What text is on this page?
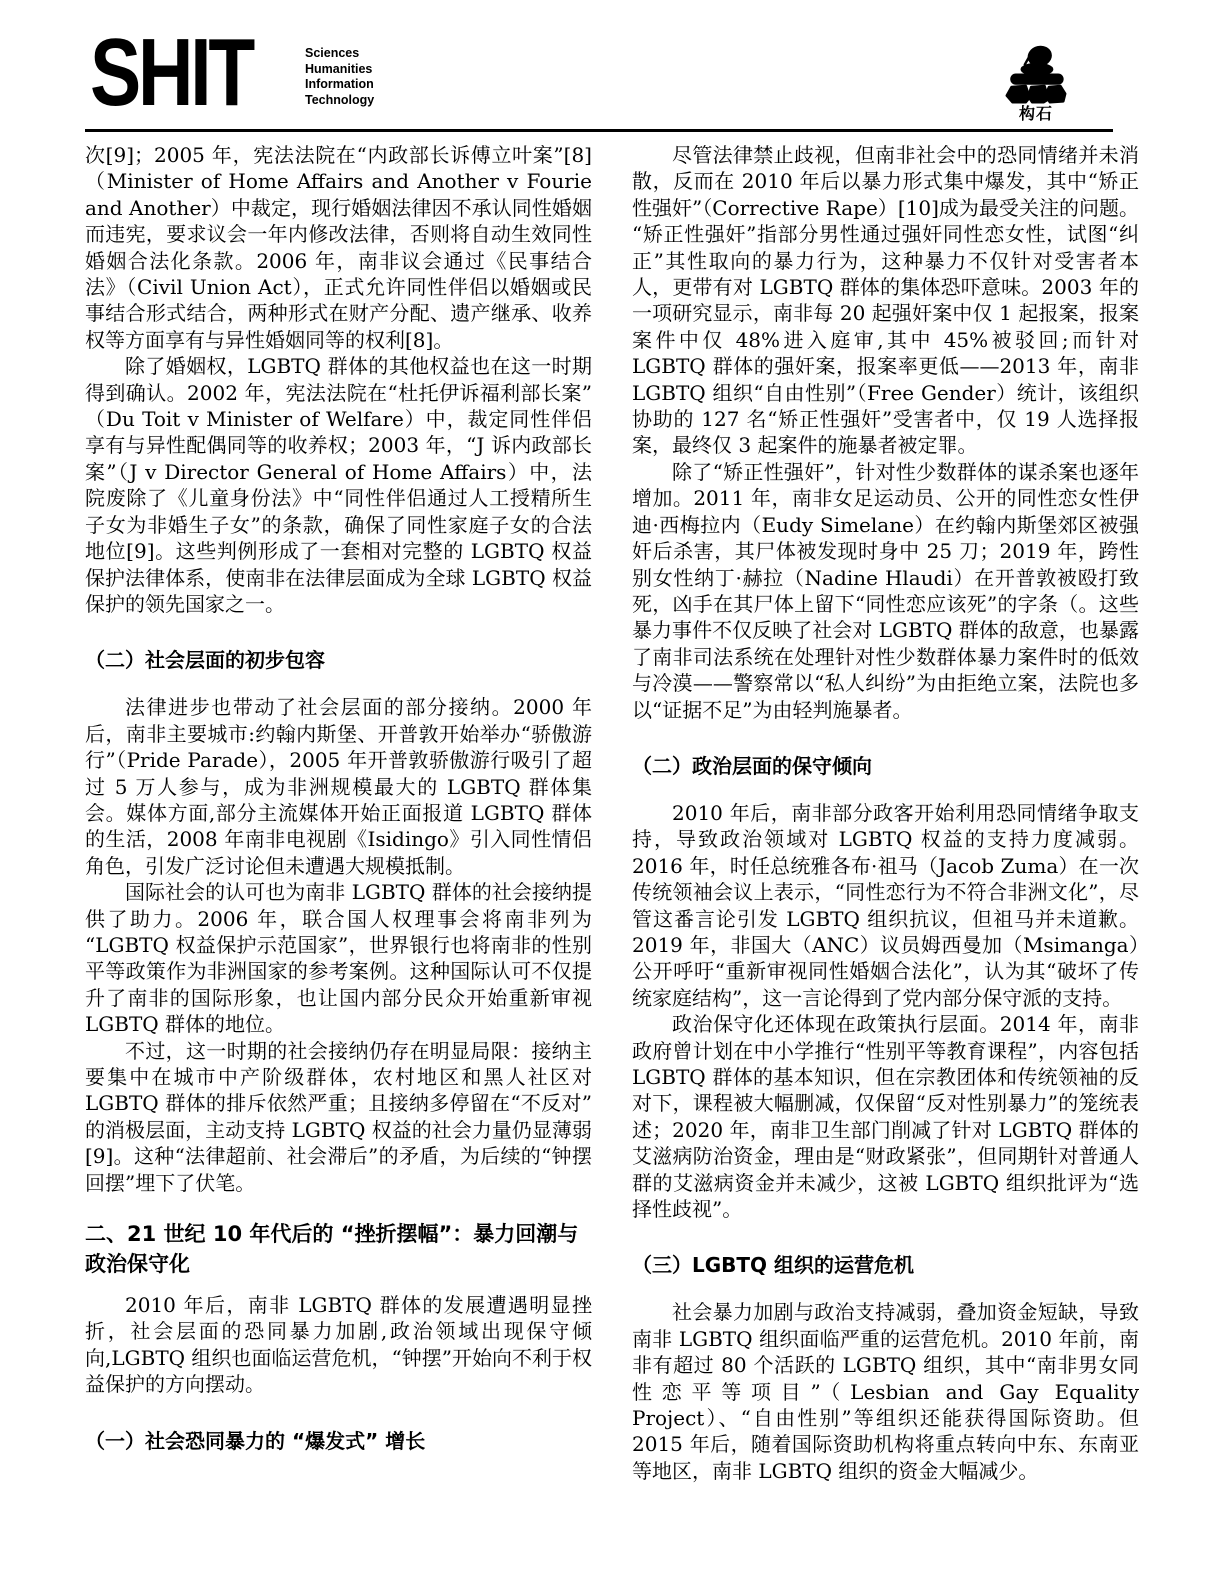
SHIT	Sciences
Humanities
Information
Technology
构石

次[9]；2005 年，宪法法院在“内政部长诉傅立叶案”[8]（Minister of Home Affairs and Another v Fourie and Another）中裁定，现行婚姻法律因不承认同性婚姻而违宪，要求议会一年内修改法律，否则将自动生效同性婚姻合法化条款。2006 年，南非议会通过《民事结合法》（Civil Union Act），正式允许同性伴侣以婚姻或民事结合形式结合，两种形式在财产分配、遗产继承、收养权等方面享有与异性婚姻同等的权利[8]。

除了婚姻权，LGBTQ 群体的其他权益也在这一时期得到确认。2002 年，宪法法院在“杜托伊诉福利部长案”（Du Toit v Minister of Welfare）中，裁定同性伴侣享有与异性配偶同等的收养权；2003 年，“J 诉内政部长案”（J v Director General of Home Affairs）中，法院废除了《儿童身份法》中“同性伴侣通过人工授精所生子女为非婚生子女”的条款，确保了同性家庭子女的合法地位[9]。这些判例形成了一套相对完整的 LGBTQ 权益保护法律体系，使南非在法律层面成为全球 LGBTQ 权益保护的领先国家之一。

（二）社会层面的初步包容

法律进步也带动了社会层面的部分接纳。2000 年后，南非主要城市:约翰内斯堡、开普敦开始举办“骄傲游行”（Pride Parade），2005 年开普敦骄傲游行吸引了超过 5 万人参与，成为非洲规模最大的 LGBTQ 群体集会。媒体方面,部分主流媒体开始正面报道 LGBTQ 群体的生活，2008 年南非电视剧《Isidingo》引入同性情侣角色，引发广泛讨论但未遭遇大规模抵制。

国际社会的认可也为南非 LGBTQ 群体的社会接纳提供了助力。2006 年，联合国人权理事会将南非列为“LGBTQ 权益保护示范国家”，世界银行也将南非的性别平等政策作为非洲国家的参考案例。这种国际认可不仅提升了南非的国际形象，也让国内部分民众开始重新审视 LGBTQ 群体的地位。

不过，这一时期的社会接纳仍存在明显局限：接纳主要集中在城市中产阶级群体，农村地区和黑人社区对 LGBTQ 群体的排斥依然严重；且接纳多停留在“不反对”的消极层面，主动支持 LGBTQ 权益的社会力量仍显薄弱[9]。这种“法律超前、社会滞后”的矛盾，为后续的“钟摆回摆”埋下了伏笔。

二、21 世纪 10 年代后的 “挫折摆幅”：暴力回潮与政治保守化

2010 年后，南非 LGBTQ 群体的发展遭遇明显挫折，社会层面的恐同暴力加剧,政治领域出现保守倾向,LGBTQ 组织也面临运营危机，“钟摆”开始向不利于权益保护的方向摆动。

（一）社会恐同暴力的 “爆发式” 增长

尽管法律禁止歧视，但南非社会中的恐同情绪并未消散，反而在 2010 年后以暴力形式集中爆发，其中“矫正性强奸”（Corrective Rape）[10]成为最受关注的问题。“矫正性强奸”指部分男性通过强奸同性恋女性，试图“纠正”其性取向的暴力行为，这种暴力不仅针对受害者本人，更带有对 LGBTQ 群体的集体恐吓意味。2003 年的一项研究显示，南非每 20 起强奸案中仅 1 起报案，报案案件中仅 48%进入庭审,其中 45%被驳回;而针对 LGBTQ 群体的强奸案，报案率更低——2013 年，南非 LGBTQ 组织“自由性别”（Free Gender）统计，该组织协助的 127 名“矫正性强奸”受害者中，仅 19 人选择报案，最终仅 3 起案件的施暴者被定罪。

除了“矫正性强奸”，针对性少数群体的谋杀案也逐年增加。2011 年，南非女足运动员、公开的同性恋女性伊迪·西梅拉内（Eudy Simelane）在约翰内斯堡郊区被强奸后杀害，其尸体被发现时身中 25 刀；2019 年，跨性别女性纳丁·赫拉（Nadine Hlaudi）在开普敦被殴打致死，凶手在其尸体上留下“同性恋应该死”的字条（。这些暴力事件不仅反映了社会对 LGBTQ 群体的敌意，也暴露了南非司法系统在处理针对性少数群体暴力案件时的低效与冷漠——警察常以“私人纠纷”为由拒绝立案，法院也多以“证据不足”为由轻判施暴者。

（二）政治层面的保守倾向

2010 年后，南非部分政客开始利用恐同情绪争取支持，导致政治领域对 LGBTQ 权益的支持力度减弱。2016 年，时任总统雅各布·祖马（Jacob Zuma）在一次传统领袖会议上表示，“同性恋行为不符合非洲文化”，尽管这番言论引发 LGBTQ 组织抗议，但祖马并未道歉。2019 年，非国大（ANC）议员姆西曼加（Msimanga）公开呼吁“重新审视同性婚姻合法化”，认为其“破坏了传统家庭结构”，这一言论得到了党内部分保守派的支持。

政治保守化还体现在政策执行层面。2014 年，南非政府曾计划在中小学推行“性别平等教育课程”，内容包括 LGBTQ 群体的基本知识，但在宗教团体和传统领袖的反对下，课程被大幅删减，仅保留“反对性别暴力”的笼统表述；2020 年，南非卫生部门削减了针对 LGBTQ 群体的艾滋病防治资金，理由是“财政紧张”，但同期针对普通人群的艾滋病资金并未减少，这被 LGBTQ 组织批评为“选择性歧视”。

（三）LGBTQ 组织的运营危机

社会暴力加剧与政治支持减弱，叠加资金短缺，导致南非 LGBTQ 组织面临严重的运营危机。2010 年前，南非有超过 80 个活跃的 LGBTQ 组织，其中“南非男女同性恋平等项目”（Lesbian and Gay Equality Project）、“自由性别”等组织还能获得国际资助。但 2015 年后，随着国际资助机构将重点转向中东、东南亚等地区，南非 LGBTQ 组织的资金大幅减少。
